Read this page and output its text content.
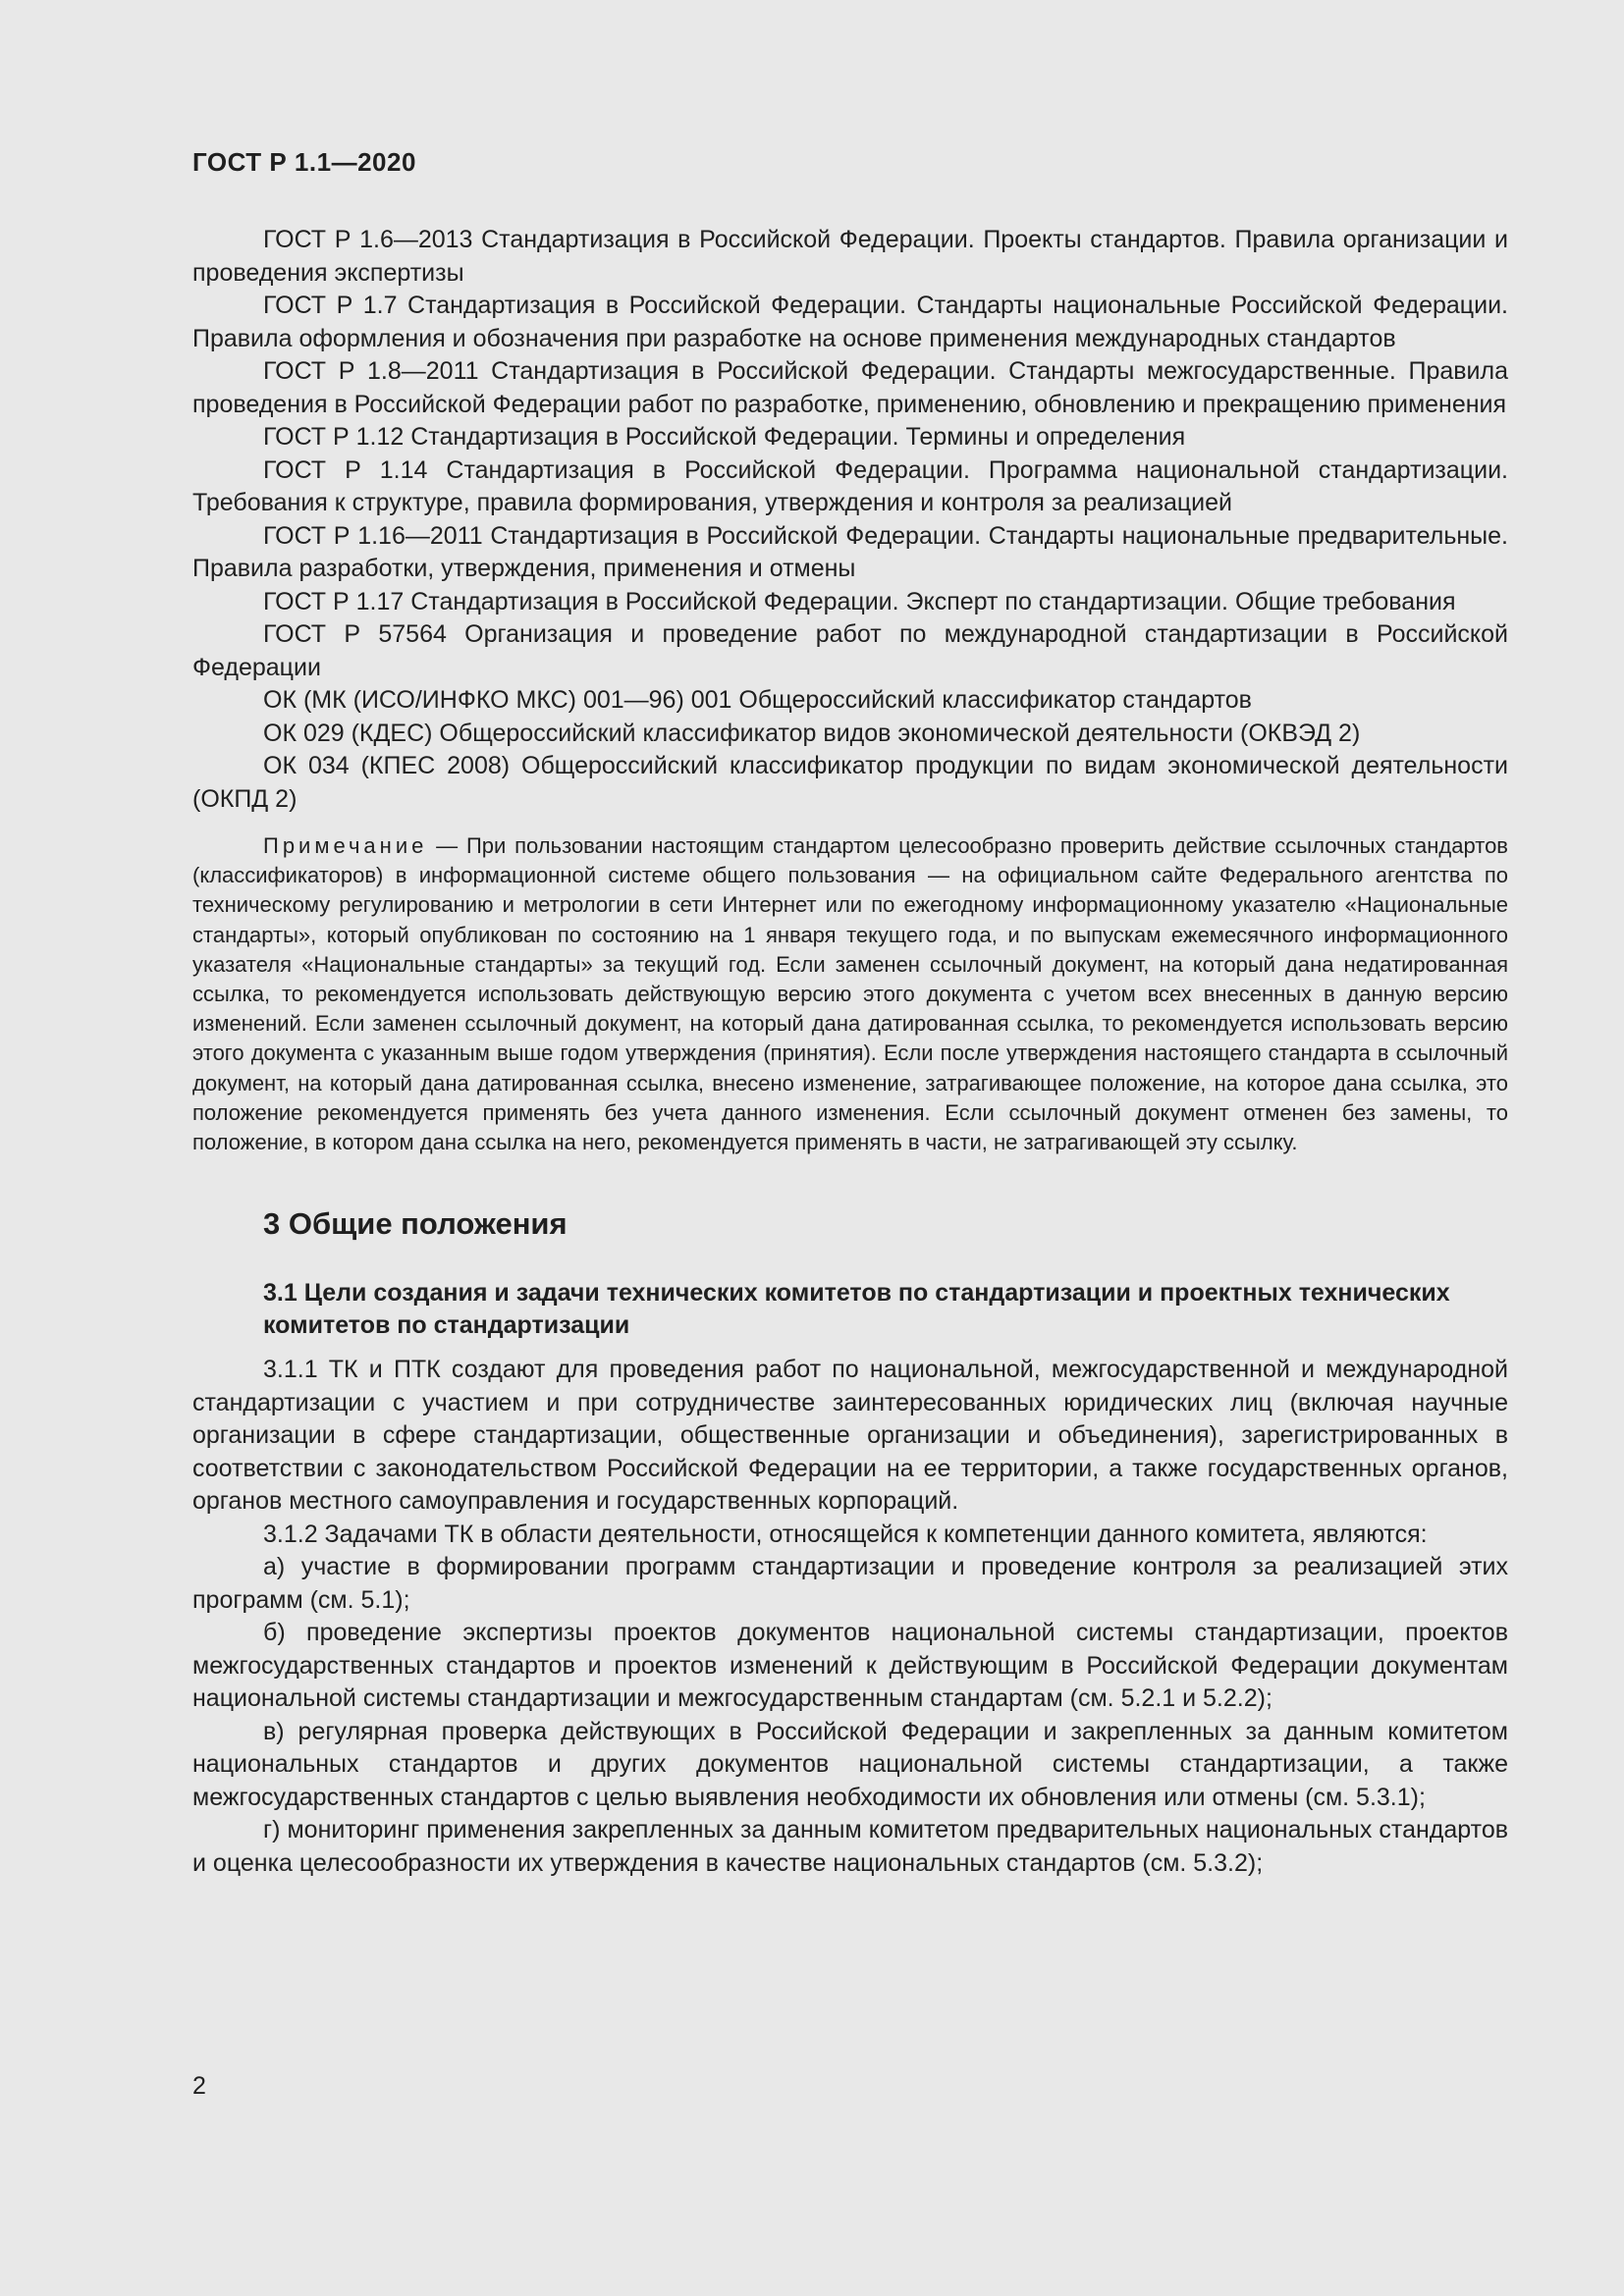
ГОСТ Р 1.1—2020

ГОСТ Р 1.6—2013 Стандартизация в Российской Федерации. Проекты стандартов. Правила организации и проведения экспертизы

ГОСТ Р 1.7 Стандартизация в Российской Федерации. Стандарты национальные Российской Федерации. Правила оформления и обозначения при разработке на основе применения международных стандартов

ГОСТ Р 1.8—2011 Стандартизация в Российской Федерации. Стандарты межгосударственные. Правила проведения в Российской Федерации работ по разработке, применению, обновлению и прекращению применения

ГОСТ Р 1.12 Стандартизация в Российской Федерации. Термины и определения

ГОСТ Р 1.14 Стандартизация в Российской Федерации. Программа национальной стандартизации. Требования к структуре, правила формирования, утверждения и контроля за реализацией

ГОСТ Р 1.16—2011 Стандартизация в Российской Федерации. Стандарты национальные предварительные. Правила разработки, утверждения, применения и отмены

ГОСТ Р 1.17 Стандартизация в Российской Федерации. Эксперт по стандартизации. Общие требования

ГОСТ Р 57564 Организация и проведение работ по международной стандартизации в Российской Федерации

ОК (МК (ИСО/ИНФКО МКС) 001—96) 001 Общероссийский классификатор стандартов

ОК 029 (КДЕС) Общероссийский классификатор видов экономической деятельности (ОКВЭД 2)

ОК 034 (КПЕС 2008) Общероссийский классификатор продукции по видам экономической деятельности (ОКПД 2)

Примечание — При пользовании настоящим стандартом целесообразно проверить действие ссылочных стандартов (классификаторов) в информационной системе общего пользования — на официальном сайте Федерального агентства по техническому регулированию и метрологии в сети Интернет или по ежегодному информационному указателю «Национальные стандарты», который опубликован по состоянию на 1 января текущего года, и по выпускам ежемесячного информационного указателя «Национальные стандарты» за текущий год. Если заменен ссылочный документ, на который дана недатированная ссылка, то рекомендуется использовать действующую версию этого документа с учетом всех внесенных в данную версию изменений. Если заменен ссылочный документ, на который дана датированная ссылка, то рекомендуется использовать версию этого документа с указанным выше годом утверждения (принятия). Если после утверждения настоящего стандарта в ссылочный документ, на который дана датированная ссылка, внесено изменение, затрагивающее положение, на которое дана ссылка, это положение рекомендуется применять без учета данного изменения. Если ссылочный документ отменен без замены, то положение, в котором дана ссылка на него, рекомендуется применять в части, не затрагивающей эту ссылку.
3 Общие положения
3.1 Цели создания и задачи технических комитетов по стандартизации и проектных технических комитетов по стандартизации

3.1.1 ТК и ПТК создают для проведения работ по национальной, межгосударственной и международной стандартизации с участием и при сотрудничестве заинтересованных юридических лиц (включая научные организации в сфере стандартизации, общественные организации и объединения), зарегистрированных в соответствии с законодательством Российской Федерации на ее территории, а также государственных органов, органов местного самоуправления и государственных корпораций.

3.1.2 Задачами ТК в области деятельности, относящейся к компетенции данного комитета, являются:

а) участие в формировании программ стандартизации и проведение контроля за реализацией этих программ (см. 5.1);

б) проведение экспертизы проектов документов национальной системы стандартизации, проектов межгосударственных стандартов и проектов изменений к действующим в Российской Федерации документам национальной системы стандартизации и межгосударственным стандартам (см. 5.2.1 и 5.2.2);

в) регулярная проверка действующих в Российской Федерации и закрепленных за данным комитетом национальных стандартов и других документов национальной системы стандартизации, а также межгосударственных стандартов с целью выявления необходимости их обновления или отмены (см. 5.3.1);

г) мониторинг применения закрепленных за данным комитетом предварительных национальных стандартов и оценка целесообразности их утверждения в качестве национальных стандартов (см. 5.3.2);

2
